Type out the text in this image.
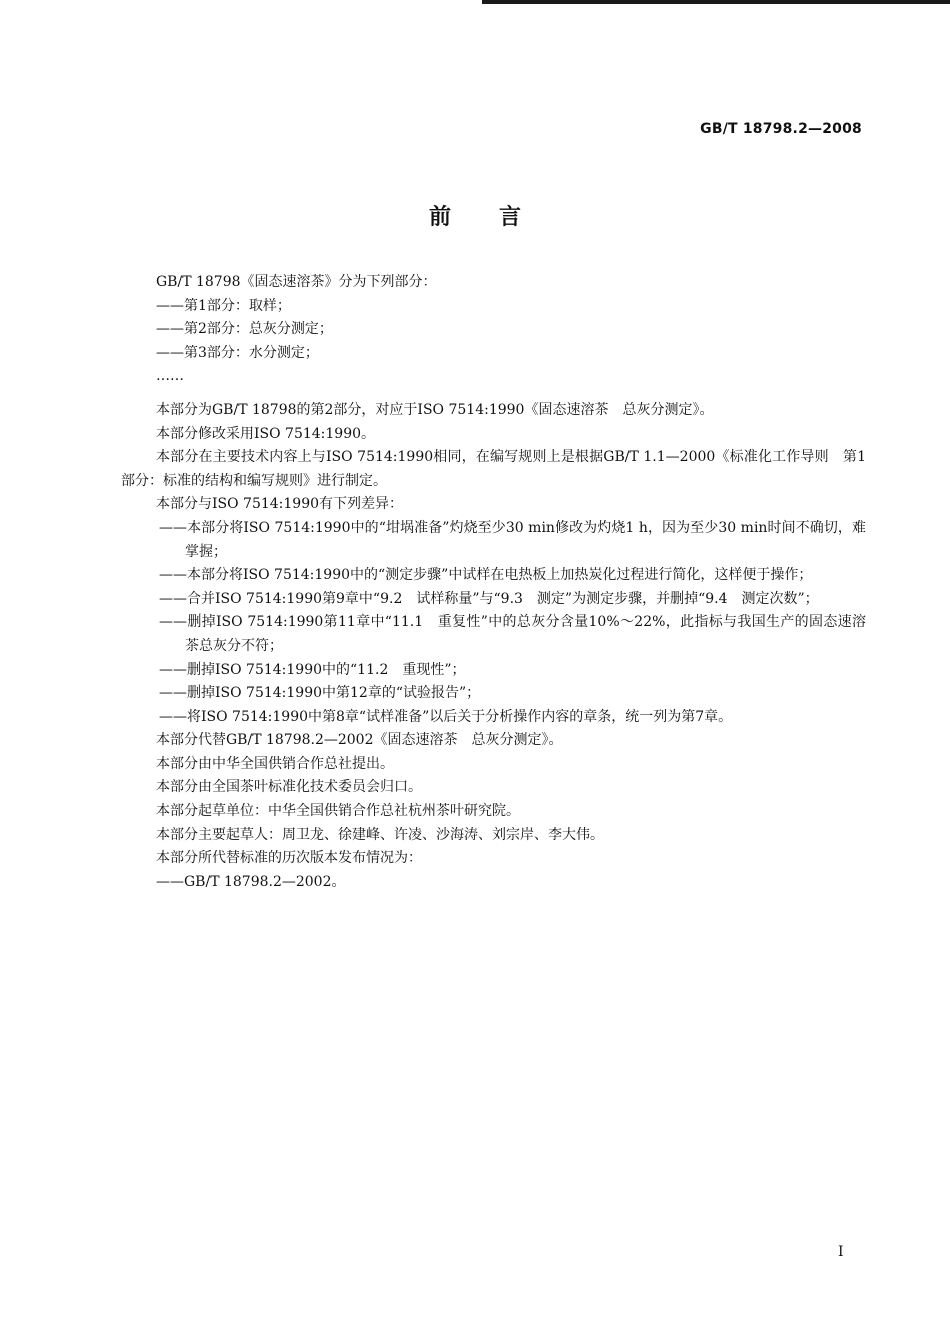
GB/T 18798.2—2008
前言
GB/T 18798《固态速溶茶》分为下列部分：
——第1部分：取样；
——第2部分：总灰分测定；
——第3部分：水分测定；
……
本部分为GB/T 18798的第2部分，对应于ISO 7514:1990《固态速溶茶　总灰分测定》。
本部分修改采用ISO 7514:1990。
本部分在主要技术内容上与ISO 7514:1990相同，在编写规则上是根据GB/T 1.1—2000《标准化工作导则　第1部分：标准的结构和编写规则》进行制定。
本部分与ISO 7514:1990有下列差异：
——本部分将ISO 7514:1990中的“坩埚准备”灼烧至少30 min修改为灼烧1 h，因为至少30 min时间不确切，难掌握；
——本部分将ISO 7514:1990中的“测定步骤”中试样在电热板上加热炭化过程进行简化，这样便于操作；
——合并ISO 7514:1990第9章中“9.2　试样称量”与“9.3　测定”为测定步骤，并删掉“9.4　测定次数”；
——删掉ISO 7514:1990第11章中“11.1　重复性”中的总灰分含量10%～22%，此指标与我国生产的固态速溶茶总灰分不符；
——删掉ISO 7514:1990中的“11.2　重现性”；
——删掉ISO 7514:1990中第12章的“试验报告”；
——将ISO 7514:1990中第8章“试样准备”以后关于分析操作内容的章条，统一列为第7章。
本部分代替GB/T 18798.2—2002《固态速溶茶　总灰分测定》。
本部分由中华全国供销合作总社提出。
本部分由全国茶叶标准化技术委员会归口。
本部分起草单位：中华全国供销合作总社杭州茶叶研究院。
本部分主要起草人：周卫龙、徐建峰、许凌、沙海涛、刘宗岸、李大伟。
本部分所代替标准的历次版本发布情况为：
——GB/T 18798.2—2002。
I
